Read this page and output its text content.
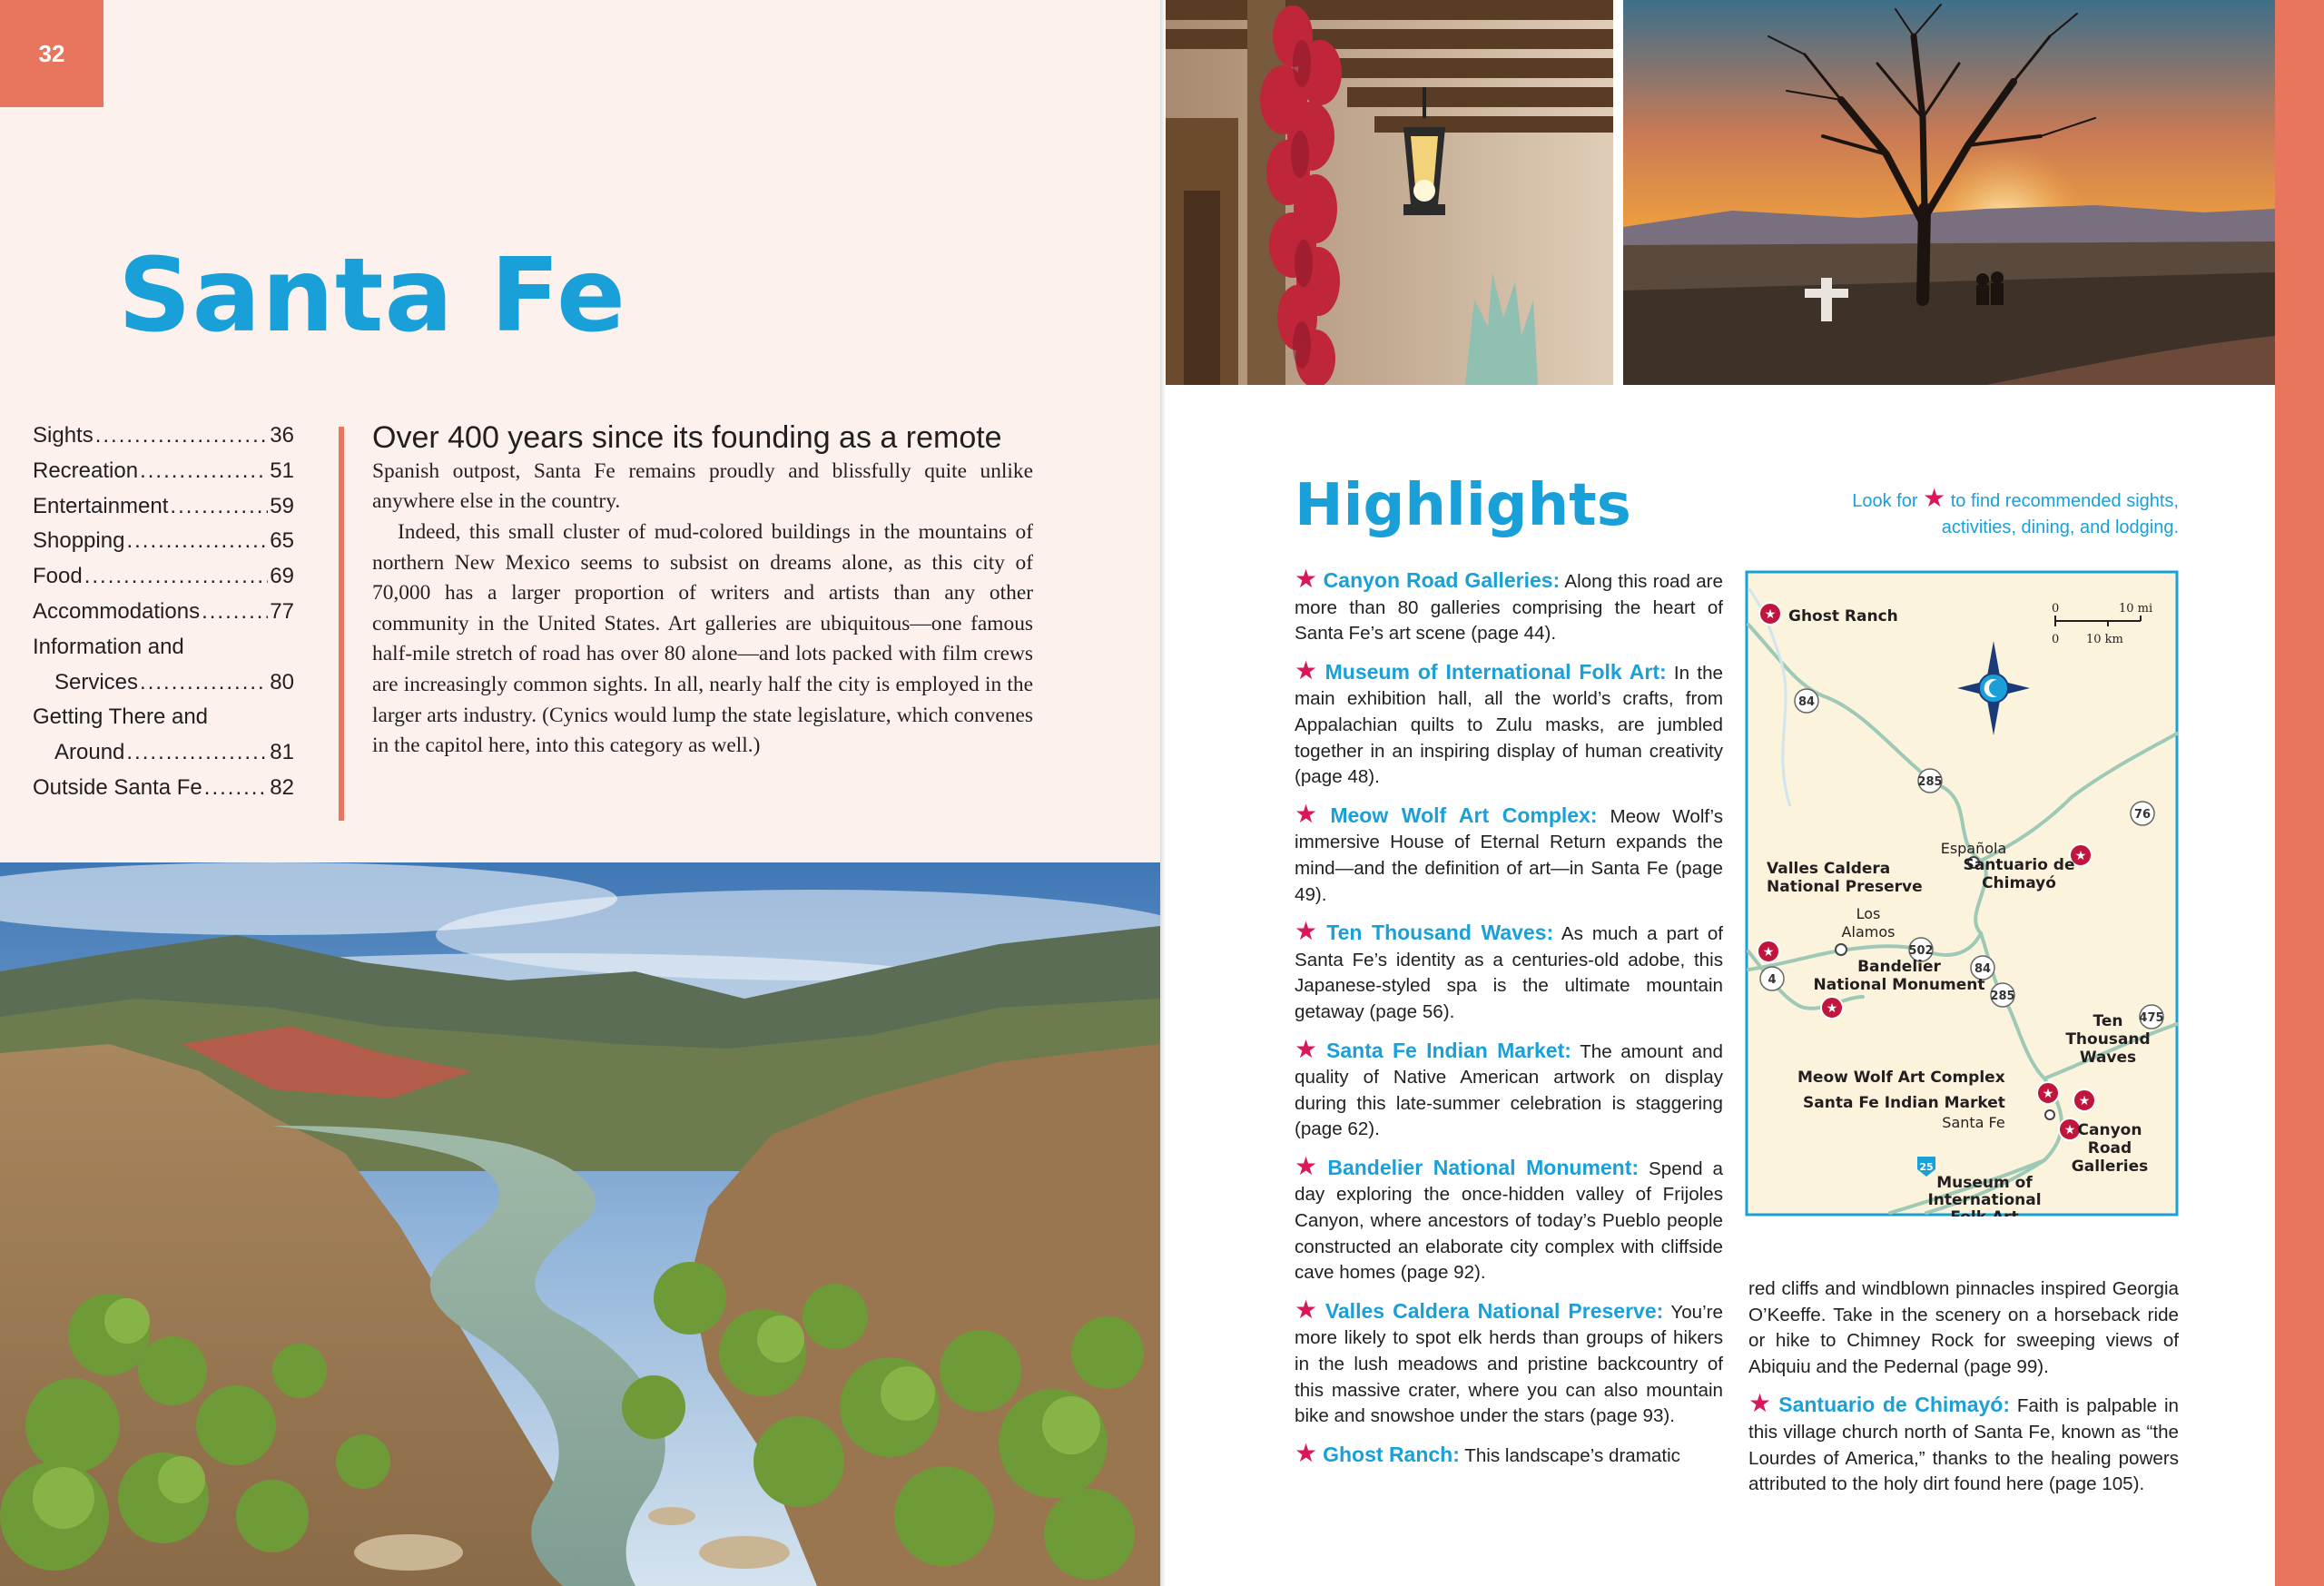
32
Santa Fe
Sights .....	36
Recreation .....	51
Entertainment .....	59
Shopping .....	65
Food .....	69
Accommodations .....	77
Information and
Services .....	80
Getting There and
Around .....	81
Outside Santa Fe .....	82

Over 400 years since its founding as a remote

Spanish outpost, Santa Fe remains proudly and blissfully quite unlike anywhere else in the country.

Indeed, this small cluster of mud-colored buildings in the mountains of northern New Mexico seems to subsist on dreams alone, as this city of 70,000 has a larger proportion of writers and artists than any other community in the United States. Art galleries are ubiquitous—one famous half-mile stretch of road has over 80 alone—and lots packed with film crews are increasingly common sights. In all, nearly half the city is employed in the larger arts industry. (Cynics would lump the state legislature, which convenes in the capitol here, into this category as well.)

Highlights	Look for ★ to find recommended sights, activities, dining, and lodging.
★ Canyon Road Galleries: Along this road are more than 80 galleries comprising the heart of Santa Fe’s art scene (page 44).
★ Museum of International Folk Art: In the main exhibition hall, all the world’s crafts, from Appalachian quilts to Zulu masks, are jumbled together in an inspiring display of human creativity (page 48).
★ Meow Wolf Art Complex: Meow Wolf’s immersive House of Eternal Return expands the mind—and the definition of art—in Santa Fe (page 49).
★ Ten Thousand Waves: As much a part of Santa Fe’s identity as a centuries-old adobe, this Japanese-styled spa is the ultimate mountain getaway (page 56).
★ Santa Fe Indian Market: The amount and quality of Native American artwork on display during this late-summer celebration is staggering (page 62).
★ Bandelier National Monument: Spend a day exploring the once-hidden valley of Frijoles Canyon, where ancestors of today’s Pueblo people constructed an elaborate city complex with cliffside cave homes (page 92).
★ Valles Caldera National Preserve: You’re more likely to spot elk herds than groups of hikers in the lush meadows and pristine backcountry of this massive crater, where you can also mountain bike and snowshoe under the stars (page 93).
★ Ghost Ranch: This landscape’s dramatic
red cliffs and windblown pinnacles inspired Georgia O’Keeffe. Take in the scenery on a horseback ride or hike to Chimney Rock for sweeping views of Abiquiu and the Pedernal (page 99).
★ Santuario de Chimayó: Faith is palpable in this village church north of Santa Fe, known as “the Lourdes of America,” thanks to the healing powers attributed to the holy dirt found here (page 105).
84
285
76
502
4
84
285
475
25
0	10 mi
0 10 km
★
★
★
★
★ ★
★
Ghost Ranch
Santuario de
Chimayó
Valles Caldera
National Preserve
Bandelier
National Monument
Ten
Thousand
Waves
Meow Wolf Art Complex
Santa Fe Indian Market
Canyon
Road
Galleries
Museum of
International
Española
Los
Alamos
Santa Fe
